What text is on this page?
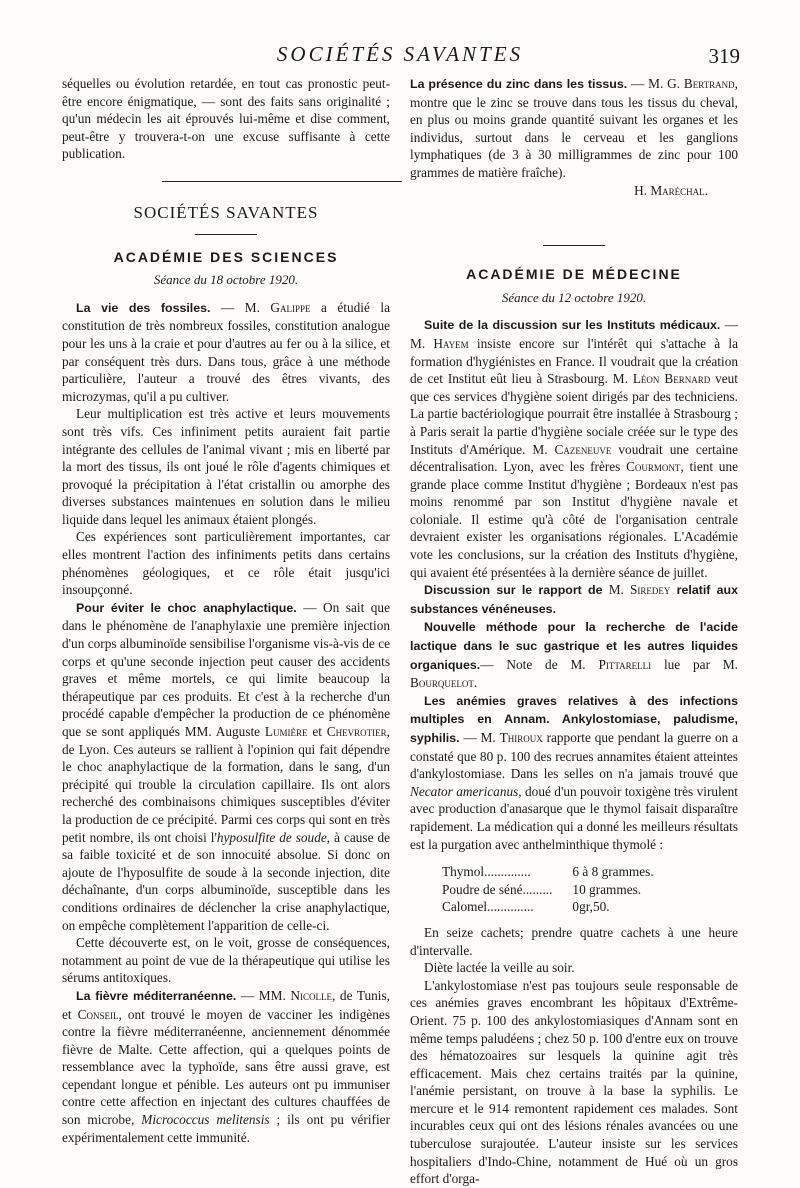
SOCIÉTÉS SAVANTES	319

séquelles ou évolution retardée, en tout cas pronostic peut-être encore énigmatique, — sont des faits sans originalité ; qu'un médecin les ait éprouvés lui-même et dise comment, peut-être y trouvera-t-on une excuse suffisante à cette publication.

SOCIÉTÉS SAVANTES
ACADÉMIE DES SCIENCES
Séance du 18 octobre 1920.

La vie des fossiles. — M. Galippe a étudié la constitution de très nombreux fossiles, constitution analogue pour les uns à la craie et pour d'autres au fer ou à la silice, et par conséquent très durs. Dans tous, grâce à une méthode particulière, l'auteur a trouvé des êtres vivants, des microzymas, qu'il a pu cultiver.

Leur multiplication est très active et leurs mouvements sont très vifs. Ces infiniment petits auraient fait partie intégrante des cellules de l'animal vivant ; mis en liberté par la mort des tissus, ils ont joué le rôle d'agents chimiques et provoqué la précipitation à l'état cristallin ou amorphe des diverses substances maintenues en solution dans le milieu liquide dans lequel les animaux étaient plongés.

Ces expériences sont particulièrement importantes, car elles montrent l'action des infiniments petits dans certains phénomènes géologiques, et ce rôle était jusqu'ici insoupçonné.

Pour éviter le choc anaphylactique. — On sait que dans le phénomène de l'anaphylaxie une première injection d'un corps albuminoïde sensibilise l'organisme vis-à-vis de ce corps et qu'une seconde injection peut causer des accidents graves et même mortels, ce qui limite beaucoup la thérapeutique par ces produits. Et c'est à la recherche d'un procédé capable d'empêcher la production de ce phénomène que se sont appliqués MM. Auguste Lumière et Chevrotier, de Lyon. Ces auteurs se rallient à l'opinion qui fait dépendre le choc anaphylactique de la formation, dans le sang, d'un précipité qui trouble la circulation capillaire. Ils ont alors recherché des combinaisons chimiques susceptibles d'éviter la production de ce précipité. Parmi ces corps qui sont en très petit nombre, ils ont choisi l'hyposulfite de soude, à cause de sa faible toxicité et de son innocuité absolue. Si donc on ajoute de l'hyposulfite de soude à la seconde injection, dite déchaînante, d'un corps albuminoïde, susceptible dans les conditions ordinaires de déclencher la crise anaphylactique, on empêche complètement l'apparition de celle-ci.

Cette découverte est, on le voit, grosse de conséquences, notamment au point de vue de la thérapeutique qui utilise les sérums antitoxiques.

La fièvre méditerranéenne. — MM. Nicolle, de Tunis, et Conseil, ont trouvé le moyen de vacciner les indigènes contre la fièvre méditerranéenne, anciennement dénommée fièvre de Malte. Cette affection, qui a quelques points de ressemblance avec la typhoïde, sans être aussi grave, est cependant longue et pénible. Les auteurs ont pu immuniser contre cette affection en injectant des cultures chauffées de son microbe, Micrococcus melitensis ; ils ont pu vérifier expérimentalement cette immunité.

La présence du zinc dans les tissus. — M. G. Bertrand, montre que le zinc se trouve dans tous les tissus du cheval, en plus ou moins grande quantité suivant les organes et les individus, surtout dans le cerveau et les ganglions lymphatiques (de 3 à 30 milligrammes de zinc pour 100 grammes de matière fraîche).

H. Maréchal.
ACADÉMIE DE MÉDECINE
Séance du 12 octobre 1920.

Suite de la discussion sur les Instituts médicaux. — M. Hayem insiste encore sur l'intérêt qui s'attache à la formation d'hygiénistes en France. Il voudrait que la création de cet Institut eût lieu à Strasbourg. M. Léon Bernard veut que ces services d'hygiène soient dirigés par des techniciens. La partie bactériologique pourrait être installée à Strasbourg ; à Paris serait la partie d'hygiène sociale créée sur le type des Instituts d'Amérique. M. Cazeneuve voudrait une certaine décentralisation. Lyon, avec les frères Courmont, tient une grande place comme Institut d'hygiène ; Bordeaux n'est pas moins renommé par son Institut d'hygiène navale et coloniale. Il estime qu'à côté de l'organisation centrale devraient exister les organisations régionales. L'Académie vote les conclusions, sur la création des Instituts d'hygiène, qui avaient été présentées à la dernière séance de juillet.

Discussion sur le rapport de M. Siredey relatif aux substances vénéneuses.

Nouvelle méthode pour la recherche de l'acide lactique dans le suc gastrique et les autres liquides organiques.— Note de M. Pittarelli lue par M. Bourquelot.

Les anémies graves relatives à des infections multiples en Annam. Ankylostomiase, paludisme, syphilis. — M. Thiroux rapporte que pendant la guerre on a constaté que 80 p. 100 des recrues annamites étaient atteintes d'ankylostomiase. Dans les selles on n'a jamais trouvé que Necator americanus, doué d'un pouvoir toxigène très virulent avec production d'anasarque que le thymol faisait disparaître rapidement. La médication qui a donné les meilleurs résultats est la purgation avec anthelminthique thymolé :

Thymol..............	6 à 8 grammes.
Poudre de séné.........	10 grammes.
Calomel..............	0gr,50.

En seize cachets; prendre quatre cachets à une heure d'intervalle.

Diète lactée la veille au soir.

L'ankylostomiase n'est pas toujours seule responsable de ces anémies graves encombrant les hôpitaux d'Extrême-Orient. 75 p. 100 des ankylostomiasiques d'Annam sont en même temps paludéens ; chez 50 p. 100 d'entre eux on trouve des hématozoaires sur lesquels la quinine agit très efficacement. Mais chez certains traités par la quinine, l'anémie persistant, on trouve à la base la syphilis. Le mercure et le 914 remontent rapidement ces malades. Sont incurables ceux qui ont des lésions rénales avancées ou une tuberculose surajoutée. L'auteur insiste sur les services hospitaliers d'Indo-Chine, notamment de Hué où un gros effort d'orga-
